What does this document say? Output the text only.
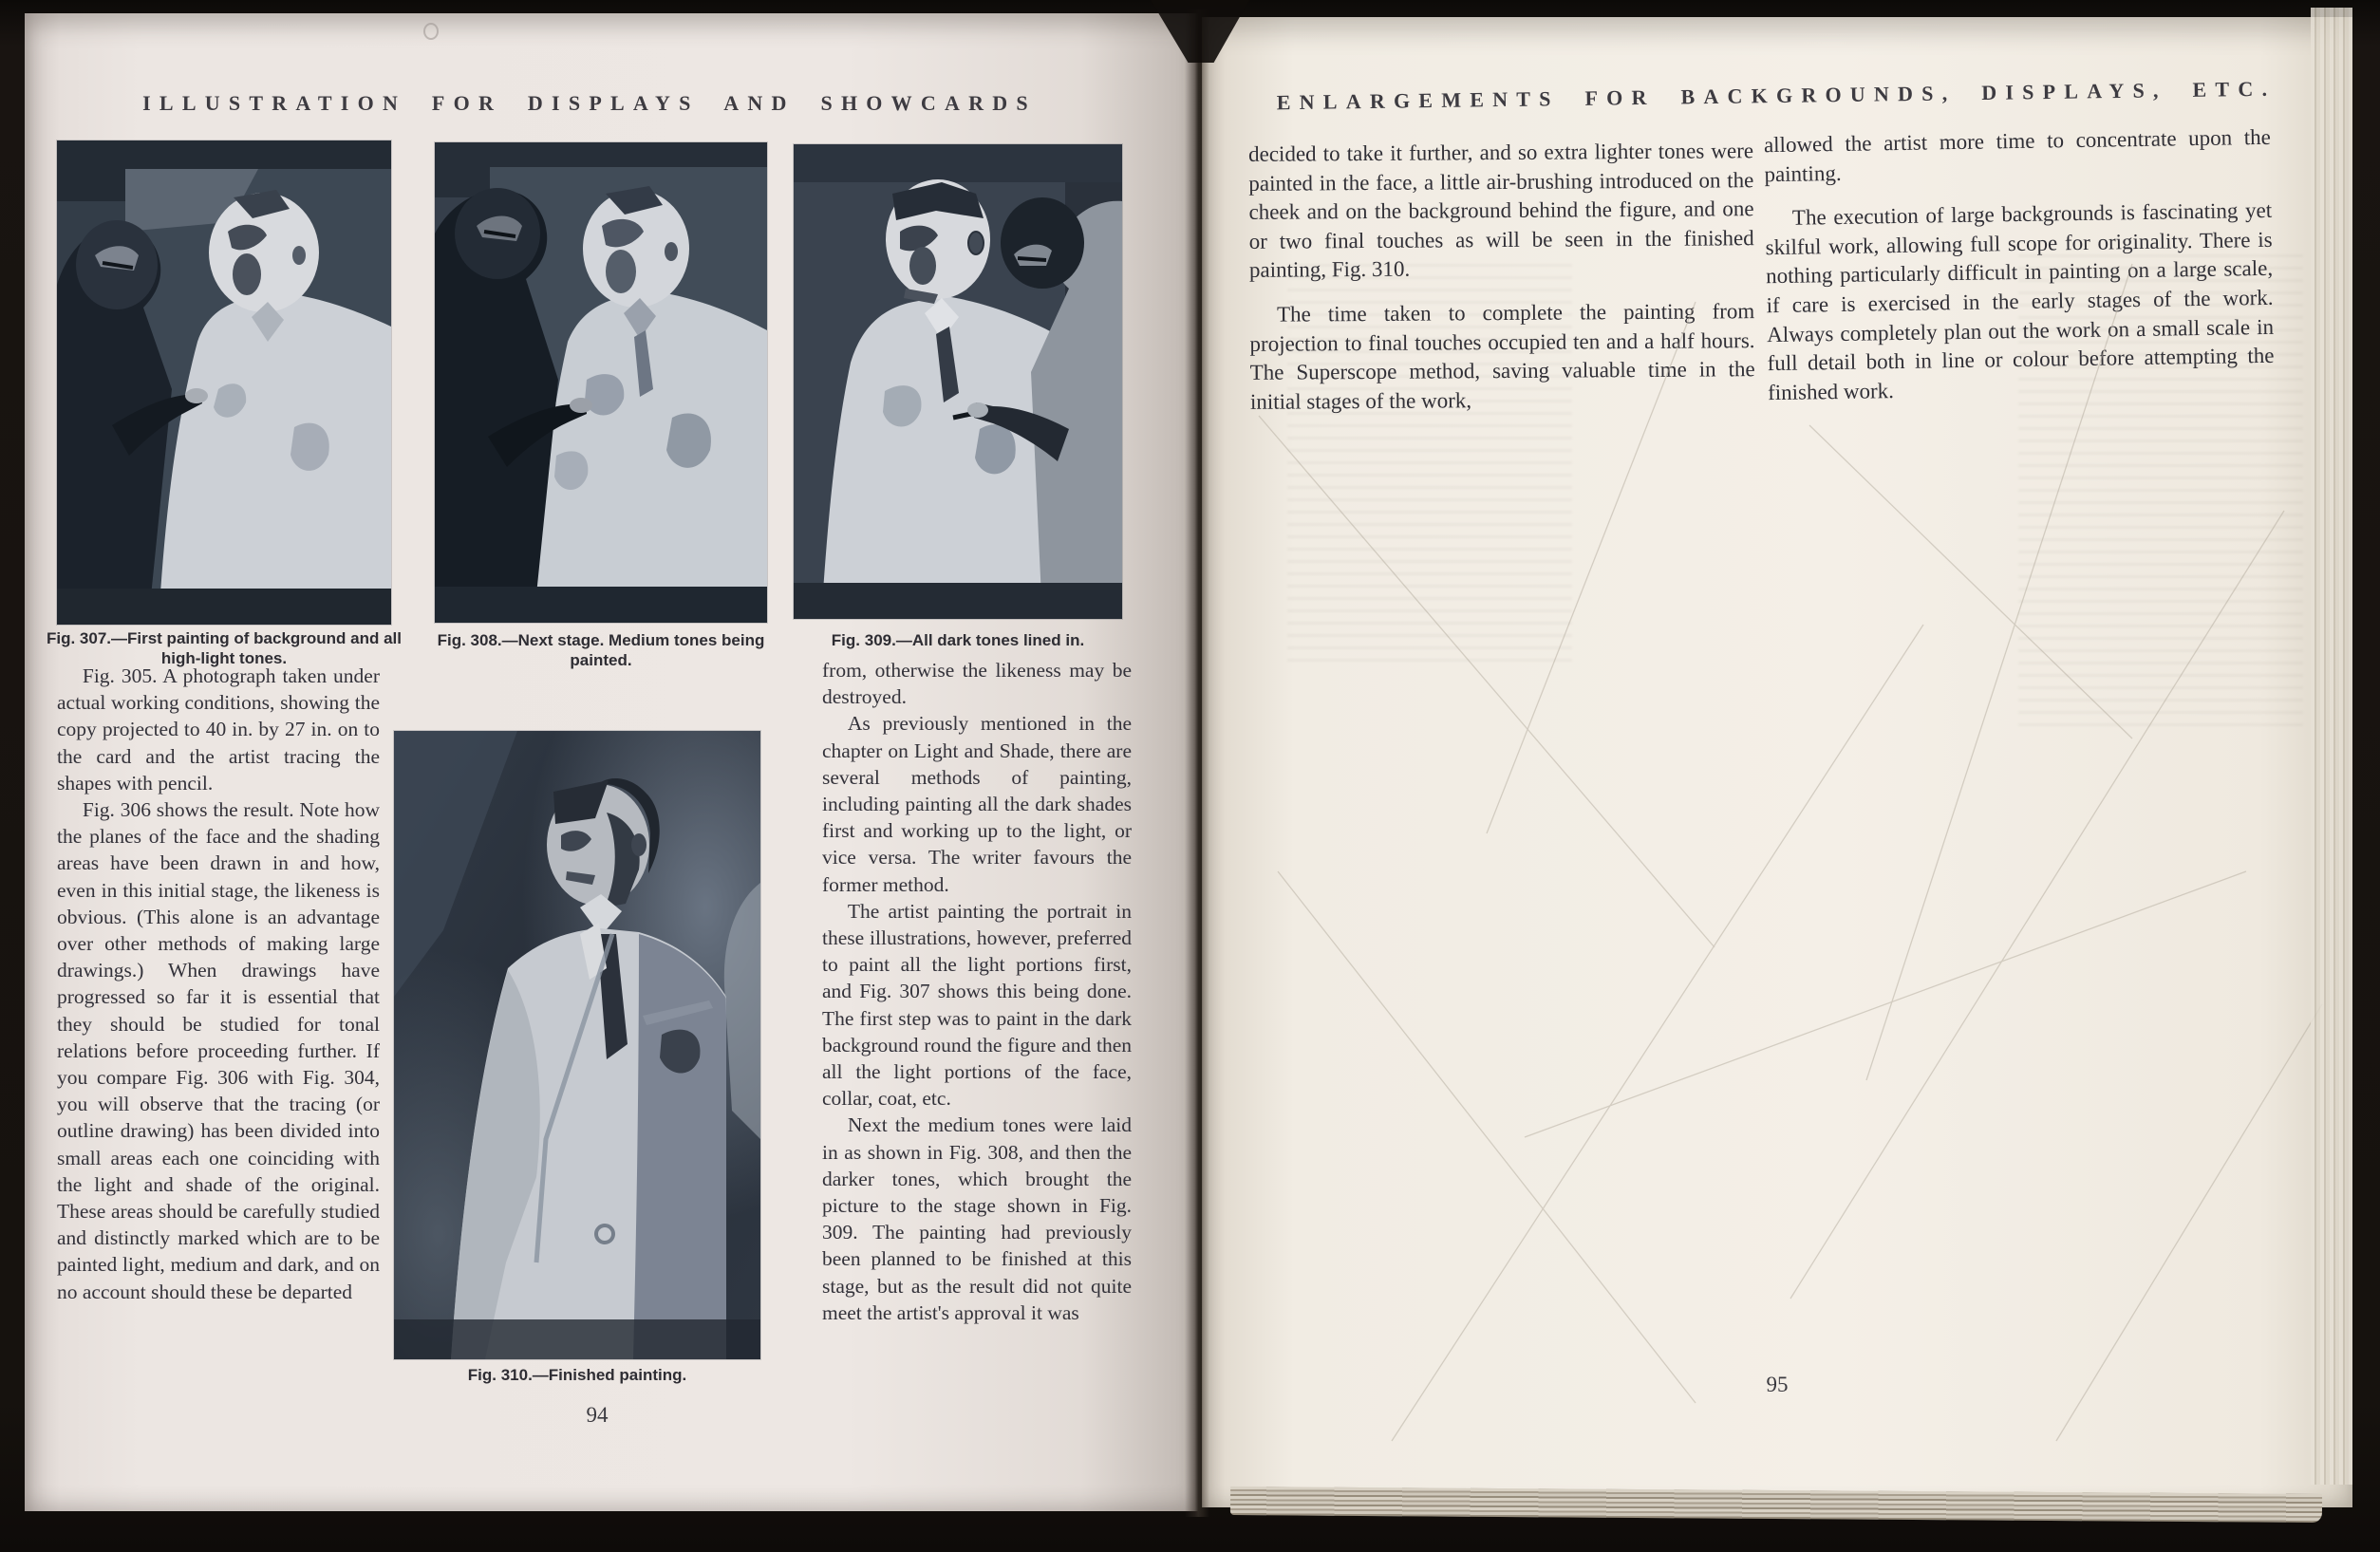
ILLUSTRATION FOR DISPLAYS AND SHOWCARDS
Fig. 307.—First painting of background and all high-light tones.
Fig. 308.—Next stage. Medium tones being painted.
Fig. 309.—All dark tones lined in.

Fig. 305. A photograph taken under actual working conditions, showing the copy projected to 40 in. by 27 in. on to the card and the artist tracing the shapes with pencil.

Fig. 306 shows the result. Note how the planes of the face and the shading areas have been drawn in and how, even in this initial stage, the likeness is obvious. (This alone is an advantage over other methods of making large drawings.) When drawings have progressed so far it is essential that they should be studied for tonal relations before proceeding further. If you compare Fig. 306 with Fig. 304, you will observe that the tracing (or outline drawing) has been divided into small areas each one coinciding with the light and shade of the original. These areas should be carefully studied and distinctly marked which are to be painted light, medium and dark, and on no account should these be departed

from, otherwise the likeness may be destroyed.

As previously mentioned in the chapter on Light and Shade, there are several methods of painting, including painting all the dark shades first and working up to the light, or vice versa. The writer favours the former method.

The artist painting the portrait in these illustrations, however, preferred to paint all the light portions first, and Fig. 307 shows this being done. The first step was to paint in the dark background round the figure and then all the light portions of the face, collar, coat, etc.

Next the medium tones were laid in as shown in Fig. 308, and then the darker tones, which brought the picture to the stage shown in Fig. 309. The painting had previously been planned to be finished at this stage, but as the result did not quite meet the artist's approval it was

Fig. 310.—Finished painting.
94
ENLARGEMENTS FOR BACKGROUNDS, DISPLAYS, ETC.

decided to take it further, and so extra lighter tones were painted in the face, a little air-brushing introduced on the cheek and on the background behind the figure, and one or two final touches as will be seen in the finished painting, Fig. 310.

The time taken to complete the painting from projection to final touches occupied ten and a half hours. The Superscope method, saving valuable time in the initial stages of the work,

allowed the artist more time to concentrate upon the painting.

The execution of large backgrounds is fascinating yet skilful work, allowing full scope for originality. There is nothing particularly difficult in painting on a large scale, if care is exercised in the early stages of the work. Always completely plan out the work on a small scale in full detail both in line or colour before attempting the finished work.

95
